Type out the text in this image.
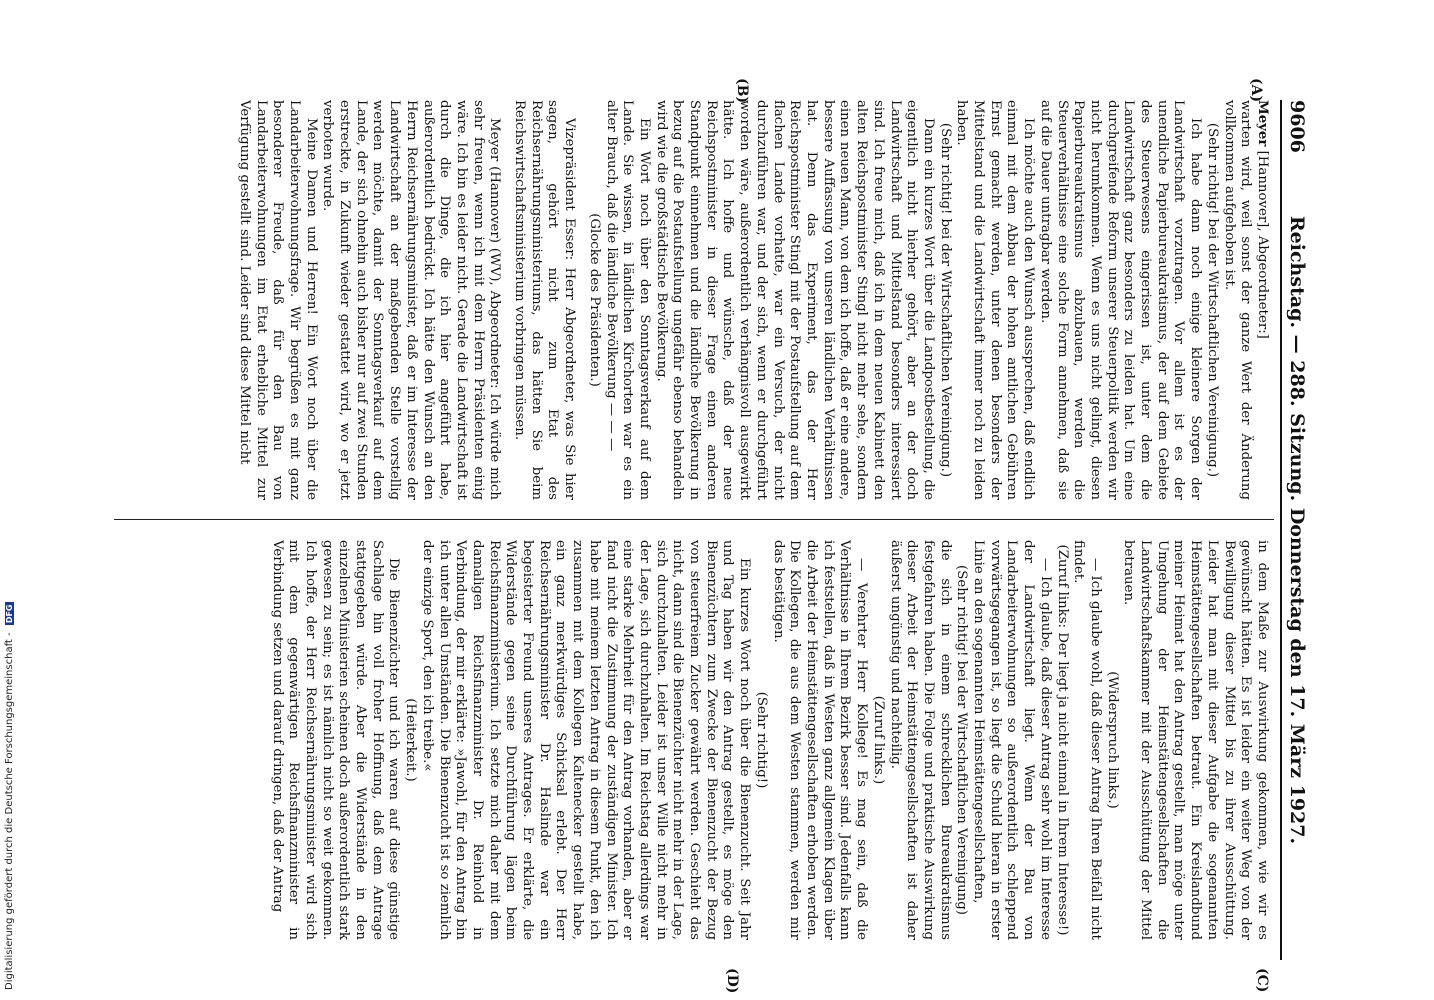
9606
Reichstag. — 288. Sitzung. Donnerstag den 17. März 1927.
(A)
(B)
(C)
(D)

Meyer [Hannover], Abgeordneter:]

warten wird, weil sonst der ganze Wert der Änderung vollkommen aufgehoben ist.

(Sehr richtig! bei der Wirtschaftlichen Vereinigung.)

Ich habe dann noch einige kleinere Sorgen der Landwirtschaft vorzutragen. Vor allem ist es der unendliche Papierbureaukratismus, der auf dem Gebiete des Steuerwesens eingerissen ist, unter dem die Landwirtschaft ganz besonders zu leiden hat. Um eine durchgreifende Reform unserer Steuerpolitik werden wir nicht herumkommen. Wenn es uns nicht gelingt, diesen Papierbureaukratismus abzubauen, werden die Steuerverhältnisse eine solche Form annehmen, daß sie auf die Dauer untragbar werden.

Ich möchte auch den Wunsch aussprechen, daß endlich einmal mit dem Abbau der hohen amtlichen Gebühren Ernst gemacht werden, unter denen besonders der Mittelstand und die Landwirtschaft immer noch zu leiden haben.

(Sehr richtig! bei der Wirtschaftlichen Vereinigung.)

Dann ein kurzes Wort über die Landpostbestellung, die eigentlich nicht hierher gehört, aber an der doch Landwirtschaft und Mittelstand besonders interessiert sind. Ich freue mich, daß ich in dem neuen Kabinett den alten Reichspostminister Stingl nicht mehr sehe, sondern einen neuen Mann, von dem ich hoffe, daß er eine andere, bessere Auffassung von unseren ländlichen Verhältnissen hat. Denn das Experiment, das der Herr Reichspostminister Stingl mit der Postaufstellung auf dem flachen Lande vorhatte, war ein Versuch, der nicht durchzuführen war, und der sich, wenn er durchgeführt worden wäre, außerordentlich verhängnisvoll ausgewirkt hätte. Ich hoffe und wünsche, daß der neue Reichspostminister in dieser Frage einen anderen Standpunkt einnehmen und die ländliche Bevölkerung in bezug auf die Postaufstellung ungefähr ebenso behandeln wird wie die großstädtische Bevölkerung.

Ein Wort noch über den Sonntagsverkauf auf dem Lande. Sie wissen, in ländlichen Kirchorten war es ein alter Brauch, daß die ländliche Bevölkerung — — —

(Glocke des Präsidenten.)

Vizepräsident Esser: Herr Abgeordneter, was Sie hier sagen, gehört nicht zum Etat des Reichsernährungsministeriums, das hätten Sie beim Reichswirtschaftsministerium vorbringen müssen.

Meyer (Hannover) (WV), Abgeordneter: Ich würde mich sehr freuen, wenn ich mit dem Herrn Präsidenten einig wäre. Ich bin es leider nicht. Gerade die Landwirtschaft ist durch die Dinge, die ich hier angeführt habe, außerordentlich bedrückt. Ich hätte den Wunsch an den Herrn Reichsernährungsminister, daß er im Interesse der Landwirtschaft an der maßgebenden Stelle vorstellig werden möchte, damit der Sonntagsverkauf auf dem Lande, der sich ohnehin auch bisher nur auf zwei Stunden erstreckte, in Zukunft wieder gestattet wird, wo er jetzt verboten wurde.

Meine Damen und Herren! Ein Wort noch über die Landarbeiterwohnungsfrage. Wir begrüßen es mit ganz besonderer Freude, daß für den Bau von Landarbeiterwohnungen im Etat erhebliche Mittel zur Verfügung gestellt sind. Leider sind diese Mittel nicht

in dem Maße zur Auswirkung gekommen, wie wir es gewünscht hätten. Es ist leider ein weiter Weg von der Bewilligung dieser Mittel bis zu ihrer Ausschüttung. Leider hat man mit dieser Aufgabe die sogenannten Heimstättengesellschaften betraut. Ein Kreislandbund meiner Heimat hat den Antrag gestellt, man möge unter Umgehung der Heimstättengesellschaften die Landwirtschaftskammer mit der Ausschüttung der Mittel betrauen.

(Widerspruch links.)

— Ich glaube wohl, daß dieser Antrag Ihren Beifall nicht findet.

(Zuruf links: Der liegt ja nicht einmal in Ihrem Interesse!)

— Ich glaube, daß dieser Antrag sehr wohl im Interesse der Landwirtschaft liegt. Wenn der Bau von Landarbeiterwohnungen so außerordentlich schleppend vorwärtsgegangen ist, so liegt die Schuld hieran in erster Linie an den sogenannten Heimstättengesellschaften,

(Sehr richtig! bei der Wirtschaftlichen Vereinigung)

die sich in einem schrecklichen Bureaukratismus festgefahren haben. Die Folge und praktische Auswirkung dieser Arbeit der Heimstättengesellschaften ist daher äußerst ungünstig und nachteilig.

(Zuruf links.)

— Verehrter Herr Kollege! Es mag sein, daß die Verhältnisse in Ihrem Bezirk besser sind. Jedenfalls kann ich feststellen, daß in Westen ganz allgemein Klagen über die Arbeit der Heimstättengesellschaften erhoben werden. Die Kollegen, die aus dem Westen stammen, werden mir das bestätigen.

(Sehr richtig!)

Ein kurzes Wort noch über die Bienenzucht. Seit Jahr und Tag haben wir den Antrag gestellt, es möge den Bienenzüchtern zum Zwecke der Bienenzucht der Bezug von steuerfreiem Zucker gewährt werden. Geschieht das nicht, dann sind die Bienenzüchter nicht mehr in der Lage, sich durchzuhalten. Leider ist unser Wille nicht mehr in der Lage, sich durchzuhalten. Im Reichstag allerdings war eine starke Mehrheit für den Antrag vorhanden, aber er fand nicht die Zustimmung der zuständigen Minister. Ich habe mit meinem letzten Antrag in diesem Punkt, den ich zusammen mit dem Kollegen Kaltenecker gestellt habe, ein ganz merkwürdiges Schicksal erlebt. Der Herr Reichsernährungsminister Dr. Haslinde war ein begeisterter Freund unseres Antrages. Er erklärte, die Widerstände gegen seine Durchführung lägen beim Reichsfinanzministerium. Ich setzte mich daher mit dem damaligen Reichsfinanzminister Dr. Reinhold in Verbindung, der mir erklärte: »Jawohl, für den Antrag bin ich unter allen Umständen. Die Bienenzucht ist so ziemlich der einzige Sport, den ich treibe.«

(Heiterkeit.)

Die Bienenzüchter und ich waren auf diese günstige Sachlage hin voll froher Hoffnung, daß dem Antrage stattgegeben würde. Aber die Widerstände in den einzelnen Ministerien scheinen doch außerordentlich stark gewesen zu sein; es ist nämlich nicht so weit gekommen. Ich hoffe, der Herr Reichsernährungsminister wird sich mit dem gegenwärtigen Reichsfinanzminister in Verbindung setzen und darauf dringen, daß der Antrag

Digitalisierung gefördert durch die Deutsche Forschungsgemeinschaft - DFG
